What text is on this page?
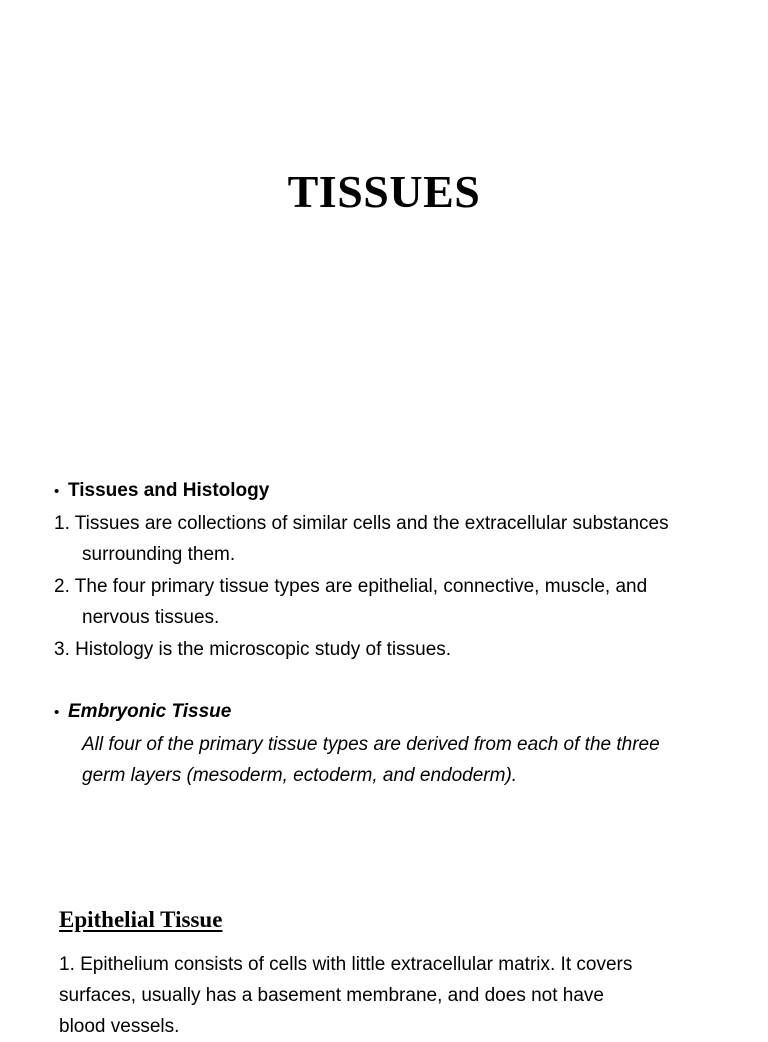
TISSUES
• Tissues and Histology
1. Tissues are collections of similar cells and the extracellular substances
surrounding them.
2. The four primary tissue types are epithelial, connective, muscle, and
nervous tissues.
3. Histology is the microscopic study of tissues.
• Embryonic Tissue
All four of the primary tissue types are derived from each of the three
germ layers (mesoderm, ectoderm, and endoderm).
Epithelial Tissue
1. Epithelium consists of cells with little extracellular matrix. It covers
surfaces, usually has a basement membrane, and does not have
blood vessels.
